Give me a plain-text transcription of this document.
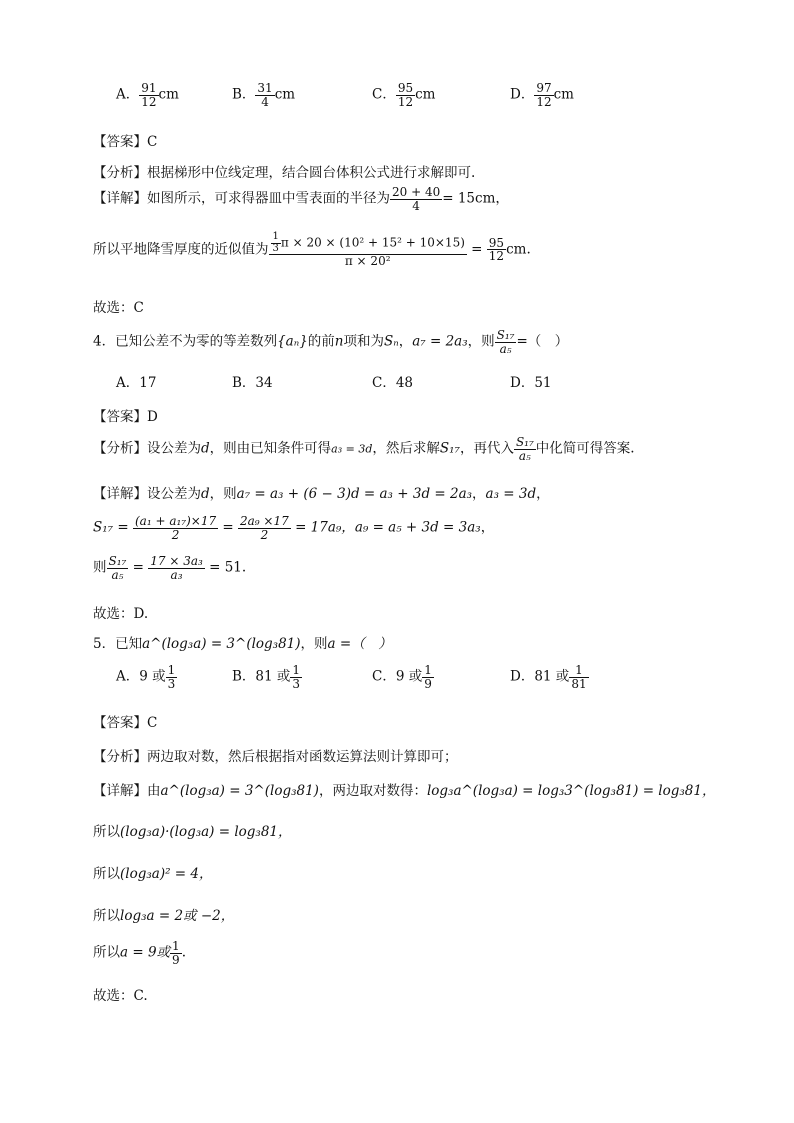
A． $\frac{91}{12}$ cm	B． $\frac{31}{4}$ cm	C． $\frac{95}{12}$ cm	D． $\frac{97}{12}$ cm
【答案】C
【分析】根据梯形中位线定理，结合圆台体积公式进行求解即可.
【详解】如图所示，可求得器皿中雪表面的半径为 $\frac{20 + 40}{4} = 15cm$，
所以平地降雪厚度的近似值为 $\frac{\frac{1}{3} \pi \times 20 \times (10^2 + 15^2 + 10\times 15)}{\text{π × 20²}} = \frac{95}{12}$ cm.
故选：C
4．已知公差不为零的等差数列{aₙ}的前n项和为Sₙ，a₇ = 2a₃，则 $\frac{\text{S₁₇}}{\text{a₅}}$ =（　）
A．17	B．34	C．48	D．51
【答案】D
【分析】设公差为d，则由已知条件可得a₃ = 3d，然后求解S₁₇，再代入 $\frac{\text{S₁₇}}{\text{a₅}}$ 中化简可得答案.
【详解】设公差为d，则a₇ = a₃ + (6 − 3)d = a₃ + 3d = 2a₃，a₃ = 3d，
$S_{17} = \frac{\text{(a₁ + a₁₇)×17}}{2} = \frac{\text{2a₉ ×17}}{2} = 17a_9$，a₉ = a₅ + 3d = 3a₃，
则 $\frac{\text{S₁₇}}{\text{a₅}} = \frac{\text{17 × 3a₃}}{\text{a₃}} = 51$.
故选：D.
5．已知a^(log₃a) = 3^(log₃81)，则a =（　）
A．9 或 $\frac{1}{3}$	B．81 或 $\frac{1}{3}$	C．9 或 $\frac{1}{9}$	D．81 或 $\frac{1}{81}$
【答案】C
【分析】两边取对数，然后根据指对函数运算法则计算即可；
【详解】由a^(log₃a) = 3^(log₃81)，两边取对数得：log₃a^(log₃a) = log₃3^(log₃81) = log₃81，
所以(log₃a)·(log₃a) = log₃81，
所以(log₃a)² = 4，
所以log₃a = 2或 −2，
所以a = 9或 $\frac{1}{9}$ .
故选：C.
